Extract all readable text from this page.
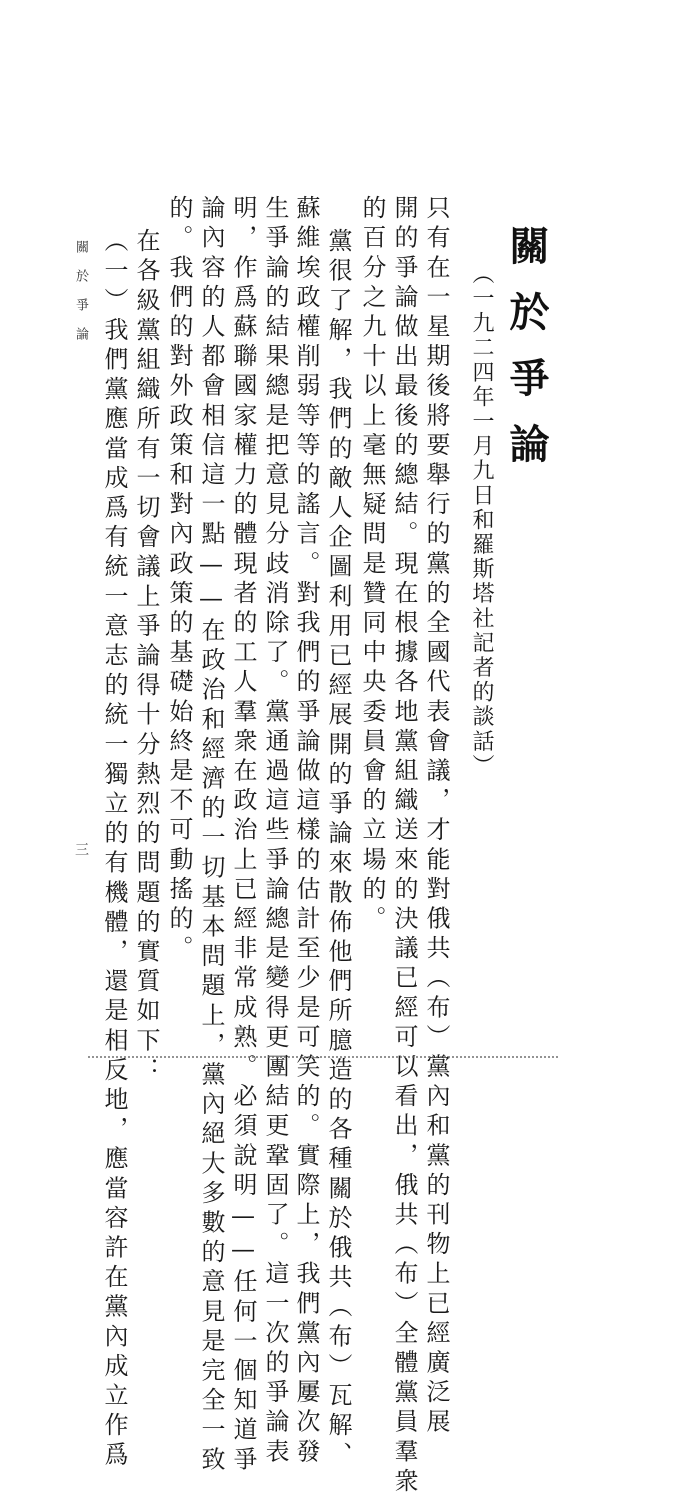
關於爭論
（一九二四年一月九日和羅斯塔社記者的談話）
只有在一星期後將要舉行的黨的全國代表會議，才能對俄共（布）黨內和黨的刊物上已經廣泛展
開的爭論做出最後的總結。現在根據各地黨組織送來的決議已經可以看出，俄共（布）全體黨員羣衆
的百分之九十以上毫無疑問是贊同中央委員會的立場的。
黨很了解，我們的敵人企圖利用已經展開的爭論來散佈他們所臆造的各種關於俄共（布）瓦解、
蘇維埃政權削弱等等的謠言。對我們的爭論做這樣的估計至少是可笑的。實際上，我們黨內屢次發
生爭論的結果總是把意見分歧消除了。黨通過這些爭論總是變得更團結更鞏固了。這一次的爭論表
明，作爲蘇聯國家權力的體現者的工人羣衆在政治上已經非常成熟。必須說明——任何一個知道爭
論內容的人都會相信這一點——在政治和經濟的一切基本問題上，黨內絕大多數的意見是完全一致
的。我們的對外政策和對內政策的基礎始終是不可動搖的。
在各級黨組織所有一切會議上爭論得十分熱烈的問題的實質如下：
（一）我們黨應當成爲有統一意志的統一獨立的有機體，還是相反地，應當容許在黨內成立作爲
關於爭論
三
